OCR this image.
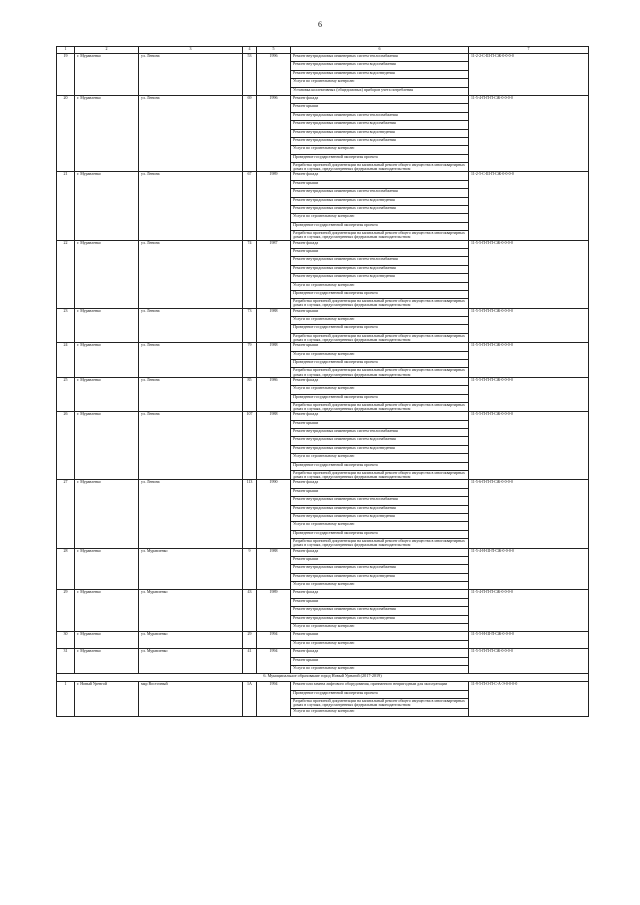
6
1	2	3	4	5	6	7
19	г. Муравленко	ул. Ленина	53	1996	Ремонт внутридомовых инженерных систем теплоснабжения	11-2-2-С-Ш-П-СЖ-0-0-0-0
					Ремонт внутридомовых инженерных систем водоснабжения	
					Ремонт внутридомовых инженерных систем водоотведения	
					Услуги по строительному контролю	
					Установка коллективных (общедомовых) приборов учета потребления	
20	г. Муравленко	ул. Ленина	69	1996	Ремонт фасада	11-5-4-П-П-П-СЖ-0-0-0-0
					Ремонт крыши	
					Ремонт внутридомовых инженерных систем теплоснабжения	
					Ремонт внутридомовых инженерных систем водоснабжения	
					Ремонт внутридомовых инженерных систем водоотведения	
					Ремонт внутридомовых инженерных систем водоснабжения	
					Услуги по строительному контролю	
					Проведение государственной экспертизы проекта	
					Разработка проектной документации на капитальный ремонт общего имущества в многоквартирных домах в случаях, предусмотренных федеральным законодательством	
21	г. Муравленко	ул. Ленина	67	1989	Ремонт фасада	11-2-5-С-Ш-П-СЖ-0-0-0-0
					Ремонт крыши	
					Ремонт внутридомовых инженерных систем теплоснабжения	
					Ремонт внутридомовых инженерных систем водоотведения	
					Ремонт внутридомовых инженерных систем водоснабжения	
					Услуги по строительному контролю	
					Проведение государственной экспертизы проекта	
					Разработка проектной документации на капитальный ремонт общего имущества в многоквартирных домах в случаях, предусмотренных федеральным законодательством	
22	г. Муравленко	ул. Ленина	74	1987	Ремонт фасада	11-5-5-П-П-П-СЖ-0-0-0-0
					Ремонт крыши	
					Ремонт внутридомовых инженерных систем теплоснабжения	
					Ремонт внутридомовых инженерных систем водоснабжения	
					Ремонт внутридомовых инженерных систем водоотведения	
					Услуги по строительному контролю	
					Проведение государственной экспертизы проекта	
					Разработка проектной документации на капитальный ремонт общего имущества в многоквартирных домах в случаях, предусмотренных федеральным законодательством	
23	г. Муравленко	ул. Ленина	73	1988	Ремонт крыши	11-5-5-П-П-П-СЖ-0-0-0-0
					Услуги по строительному контролю	
					Проведение государственной экспертизы проекта	
					Разработка проектной документации на капитальный ремонт общего имущества в многоквартирных домах в случаях, предусмотренных федеральным законодательством	
24	г. Муравленко	ул. Ленина	79	1988	Ремонт крыши	11-5-5-П-П-П-СЖ-0-0-0-0
					Услуги по строительному контролю	
					Проведение государственной экспертизы проекта	
					Разработка проектной документации на капитальный ремонт общего имущества в многоквартирных домах в случаях, предусмотренных федеральным законодательством	
25	г. Муравленко	ул. Ленина	85	1986	Ремонт фасада	11-5-5-П-П-П-СЖ-0-0-0-0
					Услуги по строительному контролю	
					Проведение государственной экспертизы проекта	
					Разработка проектной документации на капитальный ремонт общего имущества в многоквартирных домах в случаях, предусмотренных федеральным законодательством	
26	г. Муравленко	ул. Ленина	107	1988	Ремонт фасада	11-5-5-П-П-П-СЖ-0-0-0-0
					Ремонт крыши	
					Ремонт внутридомовых инженерных систем теплоснабжения	
					Ремонт внутридомовых инженерных систем водоснабжения	
					Ремонт внутридомовых инженерных систем водоотведения	
					Услуги по строительному контролю	
					Проведение государственной экспертизы проекта	
					Разработка проектной документации на капитальный ремонт общего имущества в многоквартирных домах в случаях, предусмотренных федеральным законодательством	
27	г. Муравленко	ул. Ленина	113	1990	Ремонт фасада	11-5-6-П-П-П-СЖ-0-0-0-0
					Ремонт крыши	
					Ремонт внутридомовых инженерных систем теплоснабжения	
					Ремонт внутридомовых инженерных систем водоснабжения	
					Ремонт внутридомовых инженерных систем водоотведения	
					Услуги по строительному контролю	
					Проведение государственной экспертизы проекта	
					Разработка проектной документации на капитальный ремонт общего имущества в многоквартирных домах в случаях, предусмотренных федеральным законодательством	
28	г. Муравленко	ул. Муравленко	9	1988	Ремонт фасада	11-5-4-Н-Ш-П-СЖ-0-0-0-0
					Ремонт крыши	
					Ремонт внутридомовых инженерных систем водоснабжения	
					Ремонт внутридомовых инженерных систем водоотведения	
					Услуги по строительному контролю	
29	г. Муравленко	ул. Муравленко	43	1989	Ремонт фасада	11-5-4-П-П-П-СЖ-0-0-0-0
					Ремонт крыши	
					Ремонт внутридомовых инженерных систем водоснабжения	
					Ремонт внутридомовых инженерных систем водоотведения	
					Услуги по строительному контролю	
30	г. Муравленко	ул. Муравленко	29	1994	Ремонт крыши	11-5-5-Н-Ш-П-СЖ-0-0-0-0
					Услуги по строительному контролю	
31	г. Муравленко	ул. Муравленко	41	1994	Ремонт фасада	11-5-5-П-П-П-СЖ-0-0-0-0
					Ремонт крыши	
					Услуги по строительному контролю	
6. Муниципальное образование город Новый Уренгой (2017-2019)						
1	г. Новый Уренгой	мкр Восточный	1А	1994	Ремонт или замена лифтового оборудования, признанного непригодным для эксплуатации	11-9-5-П-О-П-С-А-Э-0-0-0-0
					Проведение государственной экспертизы проекта	
					Разработка проектной документации на капитальный ремонт общего имущества в многоквартирных домах в случаях, предусмотренных федеральным законодательством	
					Услуги по строительному контролю	
